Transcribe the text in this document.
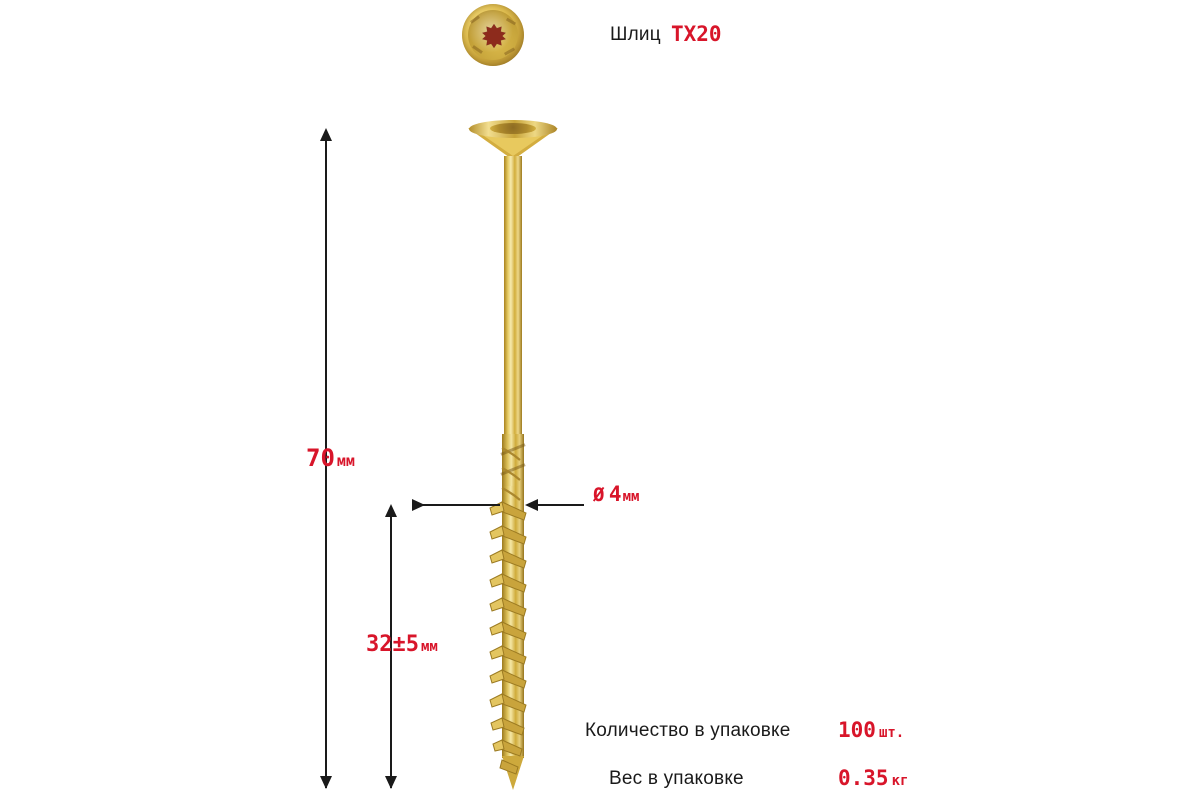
Шлиц TX20
70 мм
32±5 мм
Ø 4мм
Количество в упаковке	100 шт.
Вес в упаковке	0.35 кг
